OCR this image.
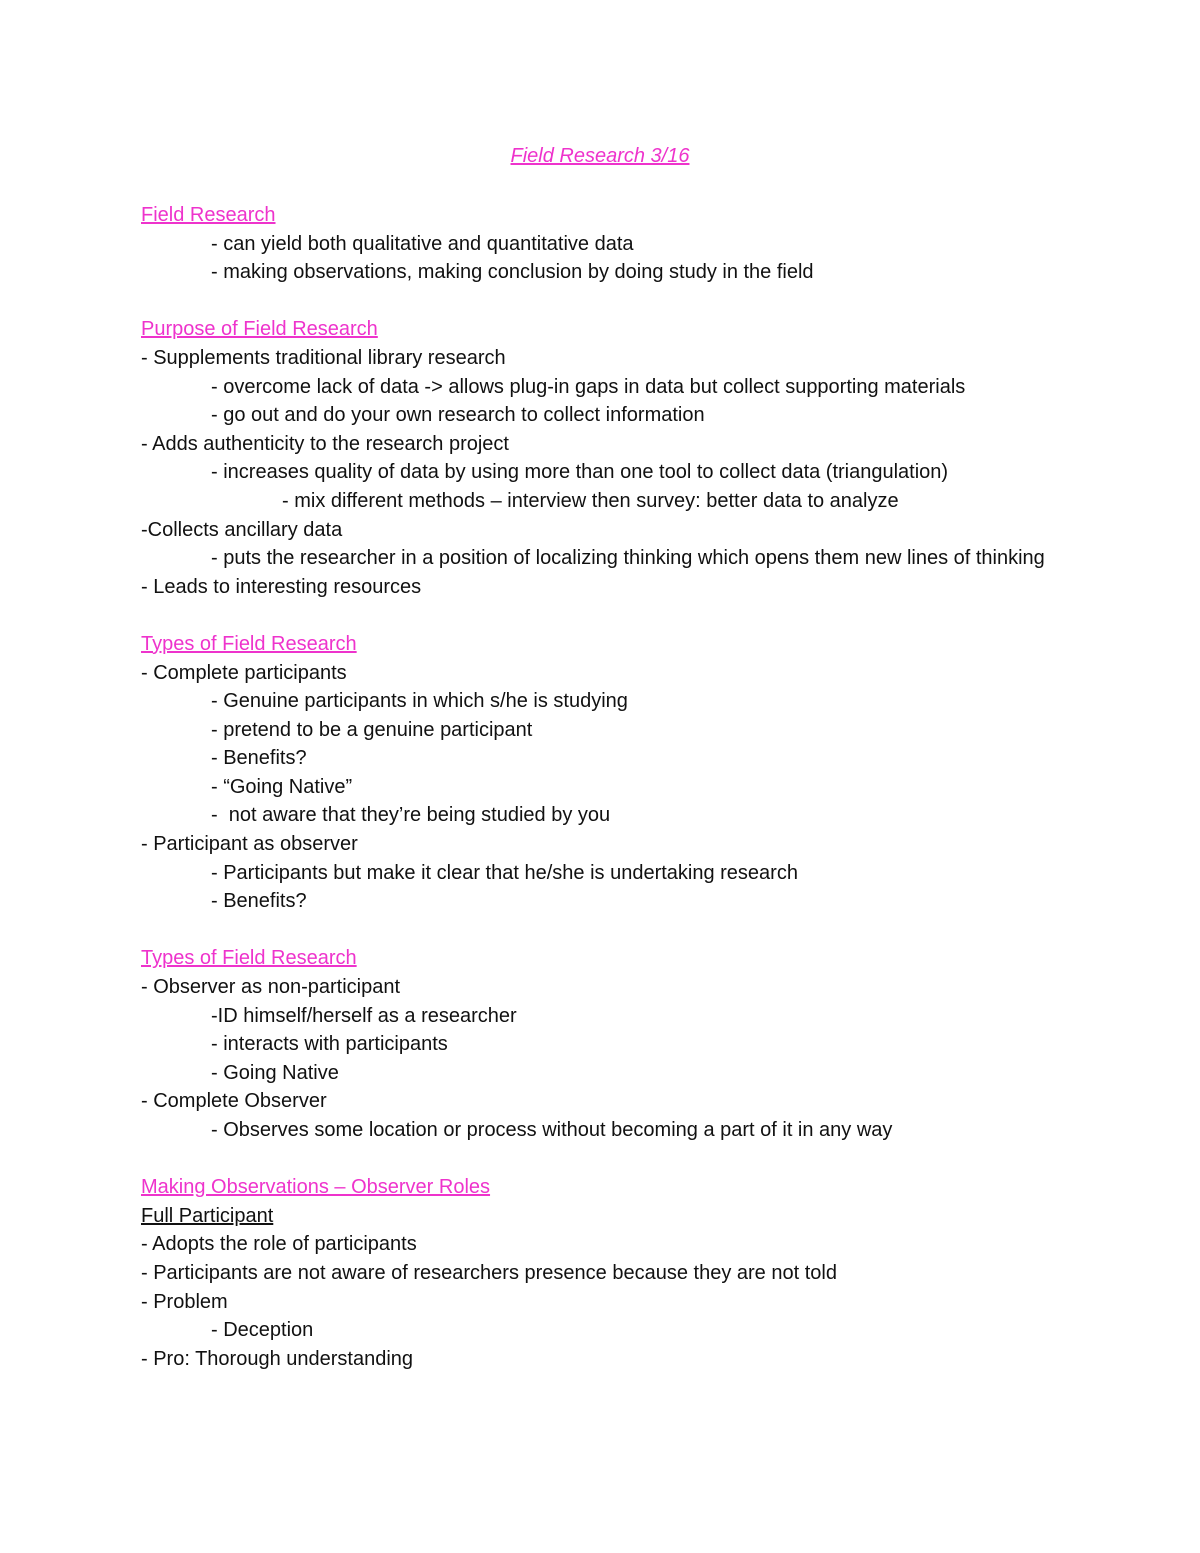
Field Research 3/16
Field Research
- can yield both qualitative and quantitative data
- making observations, making conclusion by doing study in the field
Purpose of Field Research
- Supplements traditional library research
- overcome lack of data -> allows plug-in gaps in data but collect supporting materials
- go out and do your own research to collect information
- Adds authenticity to the research project
- increases quality of data by using more than one tool to collect data (triangulation)
- mix different methods – interview then survey: better data to analyze
-Collects ancillary data
- puts the researcher in a position of localizing thinking which opens them new lines of thinking
- Leads to interesting resources
Types of Field Research
- Complete participants
- Genuine participants in which s/he is studying
- pretend to be a genuine participant
- Benefits?
- “Going Native”
-  not aware that they’re being studied by you
- Participant as observer
- Participants but make it clear that he/she is undertaking research
- Benefits?
Types of Field Research
- Observer as non-participant
-ID himself/herself as a researcher
- interacts with participants
- Going Native
- Complete Observer
- Observes some location or process without becoming a part of it in any way
Making Observations – Observer Roles
Full Participant
- Adopts the role of participants
- Participants are not aware of researchers presence because they are not told
- Problem
- Deception
- Pro: Thorough understanding
